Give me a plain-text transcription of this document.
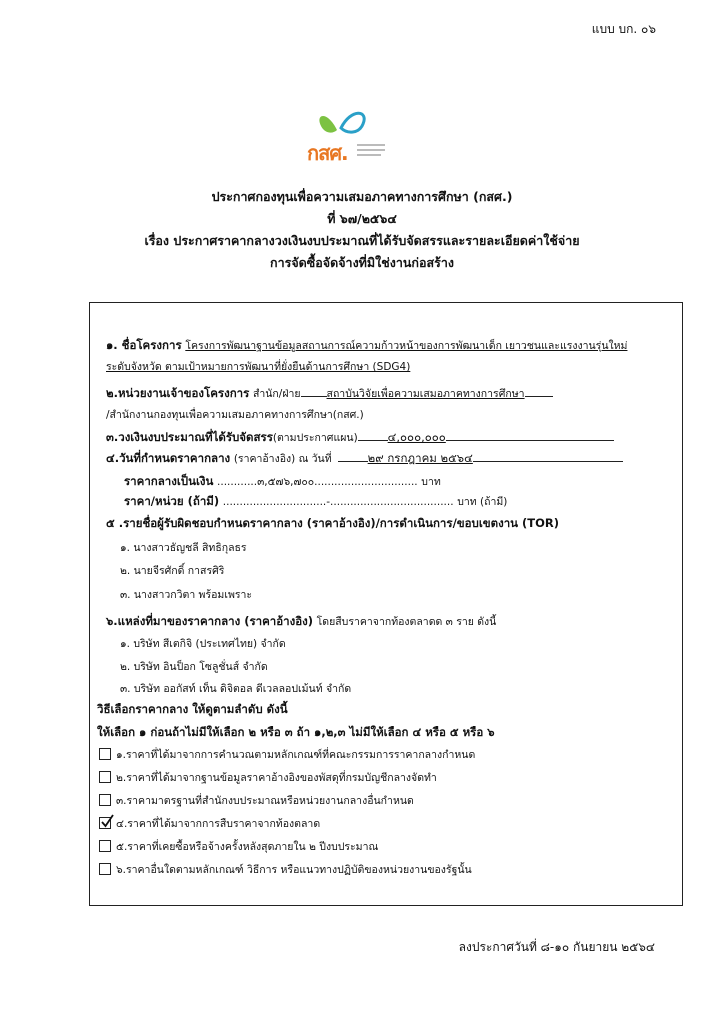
แบบ บก. ๐๖
กสศ.
ประกาศกองทุนเพื่อความเสมอภาคทางการศึกษา (กสศ.)
ที่ ๖๗/๒๕๖๔
เรื่อง ประกาศราคากลางวงเงินงบประมาณที่ได้รับจัดสรรและรายละเอียดค่าใช้จ่าย
การจัดซื้อจัดจ้างที่มิใช่งานก่อสร้าง
๑. ชื่อโครงการ โครงการพัฒนาฐานข้อมูลสถานการณ์ความก้าวหน้าของการพัฒนาเด็ก เยาวชนและแรงงานรุ่นใหม่
ระดับจังหวัด ตามเป้าหมายการพัฒนาที่ยั่งยืนด้านการศึกษา (SDG4)
๒.หน่วยงานเจ้าของโครงการ สำนัก/ฝ่าย สถาบันวิจัยเพื่อความเสมอภาคทางการศึกษา
/สำนักงานกองทุนเพื่อความเสมอภาคทางการศึกษา(กสศ.)
๓.วงเงินงบประมาณที่ได้รับจัดสรร(ตามประกาศแผน)	๔,๐๐๐,๐๐๐
๔.วันที่กำหนดราคากลาง (ราคาอ้างอิง) ณ วันที่	๒๙ กรกฎาคม ๒๕๖๔
ราคากลางเป็นเงิน ............๓,๕๗๖,๗๐๐............................... บาท
ราคา/หน่วย (ถ้ามี) ...............................-..................................... บาท (ถ้ามี)
๕ .รายชื่อผู้รับผิดชอบกำหนดราคากลาง (ราคาอ้างอิง)/การดำเนินการ/ขอบเขตงาน (TOR)
๑. นางสาวธัญชลี สิทธิกุลธร
๒. นายจีรศักดิ์ กาสรศิริ
๓. นางสาวกวิตา พร้อมเพราะ
๖.แหล่งที่มาของราคากลาง (ราคาอ้างอิง) โดยสืบราคาจากท้องตลาดด ๓ ราย ดังนี้
๑. บริษัท สีเตกิจิ (ประเทศไทย) จำกัด
๒. บริษัท อินป็อก โซลูชั่นส์ จำกัด
๓. บริษัท ออกัสท์ เท็น ดิจิตอล ดีเวลลอปเม้นท์ จำกัด
วิธีเลือกราคากลาง ให้ดูตามลำดับ ดังนี้
ให้เลือก ๑ ก่อนถ้าไม่มีให้เลือก ๒ หรือ ๓ ถ้า ๑,๒,๓ ไม่มีให้เลือก ๔ หรือ ๕ หรือ ๖
๑.ราคาที่ได้มาจากการคำนวณตามหลักเกณฑ์ที่คณะกรรมการราคากลางกำหนด
๒.ราคาที่ได้มาจากฐานข้อมูลราคาอ้างอิงของพัสดุที่กรมบัญชีกลางจัดทำ
๓.ราคามาตรฐานที่สำนักงบประมาณหรือหน่วยงานกลางอื่นกำหนด
๔.ราคาที่ได้มาจากการสืบราคาจากท้องตลาด
๕.ราคาที่เคยซื้อหรือจ้างครั้งหลังสุดภายใน ๒ ปีงบประมาณ
๖.ราคาอื่นใดตามหลักเกณฑ์ วิธีการ หรือแนวทางปฏิบัติของหน่วยงานของรัฐนั้น
ลงประกาศวันที่ ๘-๑๐ กันยายน ๒๕๖๔
